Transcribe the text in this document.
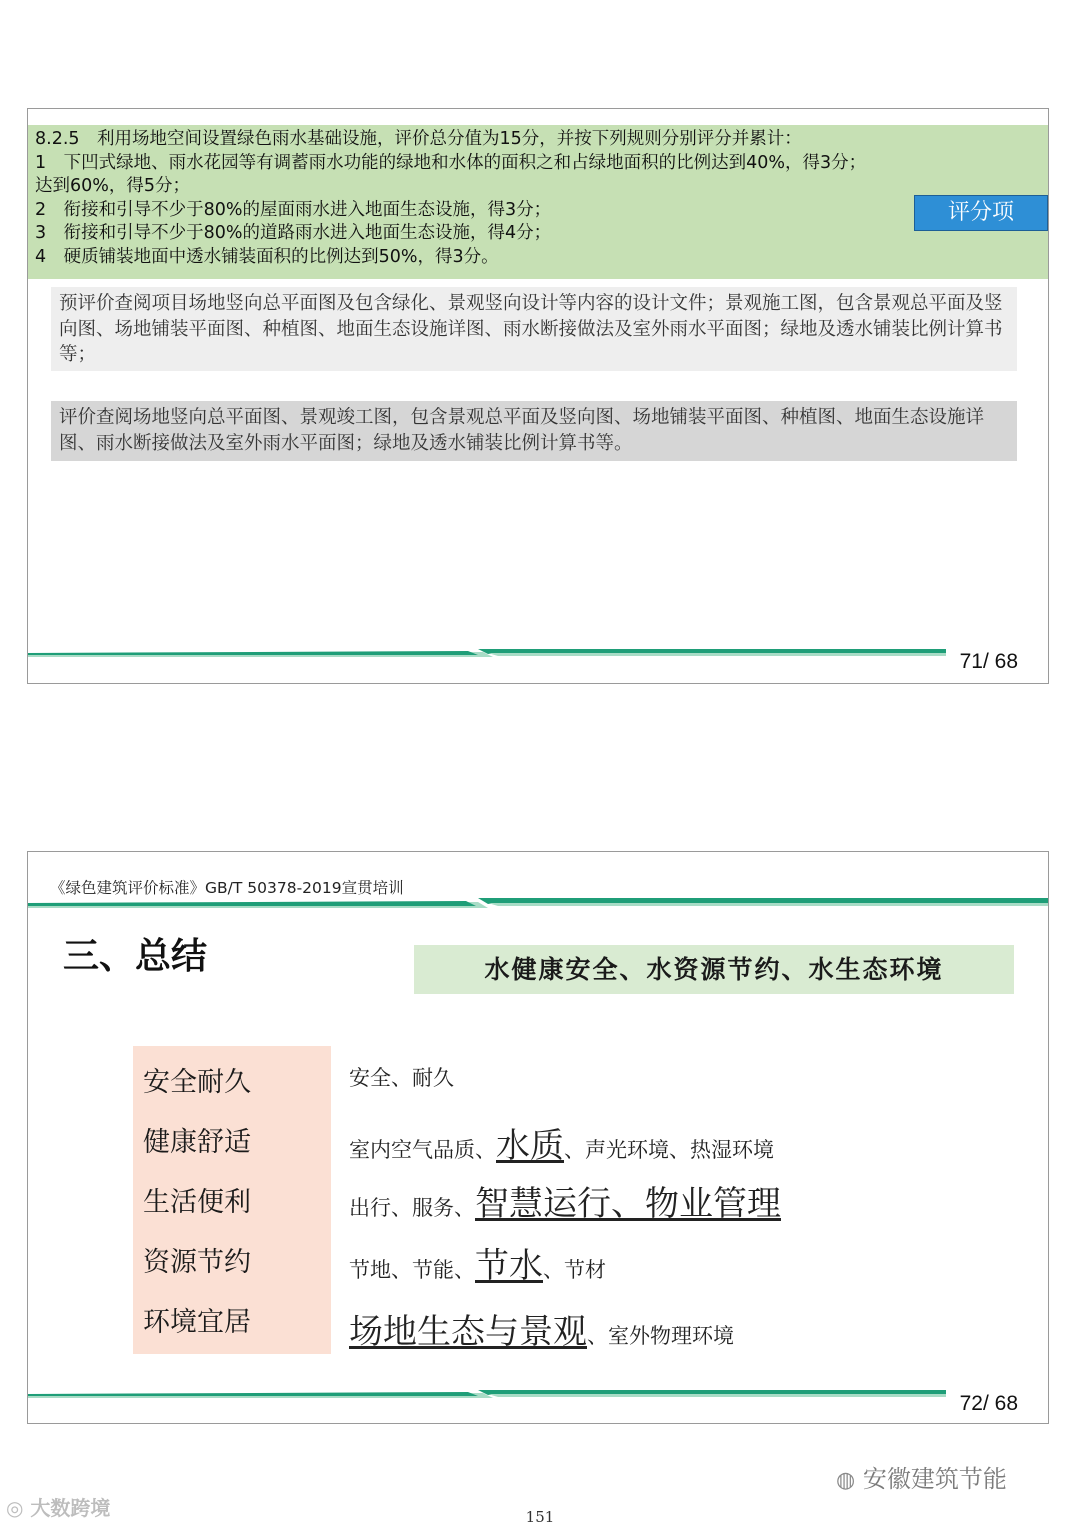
8.2.5　利用场地空间设置绿色雨水基础设施，评价总分值为15分，并按下列规则分别评分并累计：
1　下凹式绿地、雨水花园等有调蓄雨水功能的绿地和水体的面积之和占绿地面积的比例达到40%，得3分；
达到60%，得5分；
2　衔接和引导不少于80%的屋面雨水进入地面生态设施，得3分；
3　衔接和引导不少于80%的道路雨水进入地面生态设施，得4分；
4　硬质铺装地面中透水铺装面积的比例达到50%，得3分。
评分项
预评价查阅项目场地竖向总平面图及包含绿化、景观竖向设计等内容的设计文件；景观施工图，包含景观总平面及竖向图、场地铺装平面图、种植图、地面生态设施详图、雨水断接做法及室外雨水平面图；绿地及透水铺装比例计算书等；
评价查阅场地竖向总平面图、景观竣工图，包含景观总平面及竖向图、场地铺装平面图、种植图、地面生态设施详图、雨水断接做法及室外雨水平面图；绿地及透水铺装比例计算书等。
71/ 68
《绿色建筑评价标准》GB/T 50378-2019宣贯培训
三、总结	水健康安全、水资源节约、水生态环境
安全耐久
健康舒适
生活便利
资源节约
环境宜居
安全、耐久
室内空气品质、水质、声光环境、热湿环境
出行、服务、智慧运行、物业管理
节地、节能、节水、节材
场地生态与景观、室外物理环境
72/ 68
◍ 安徽建筑节能
◎ 大数跨境	151
